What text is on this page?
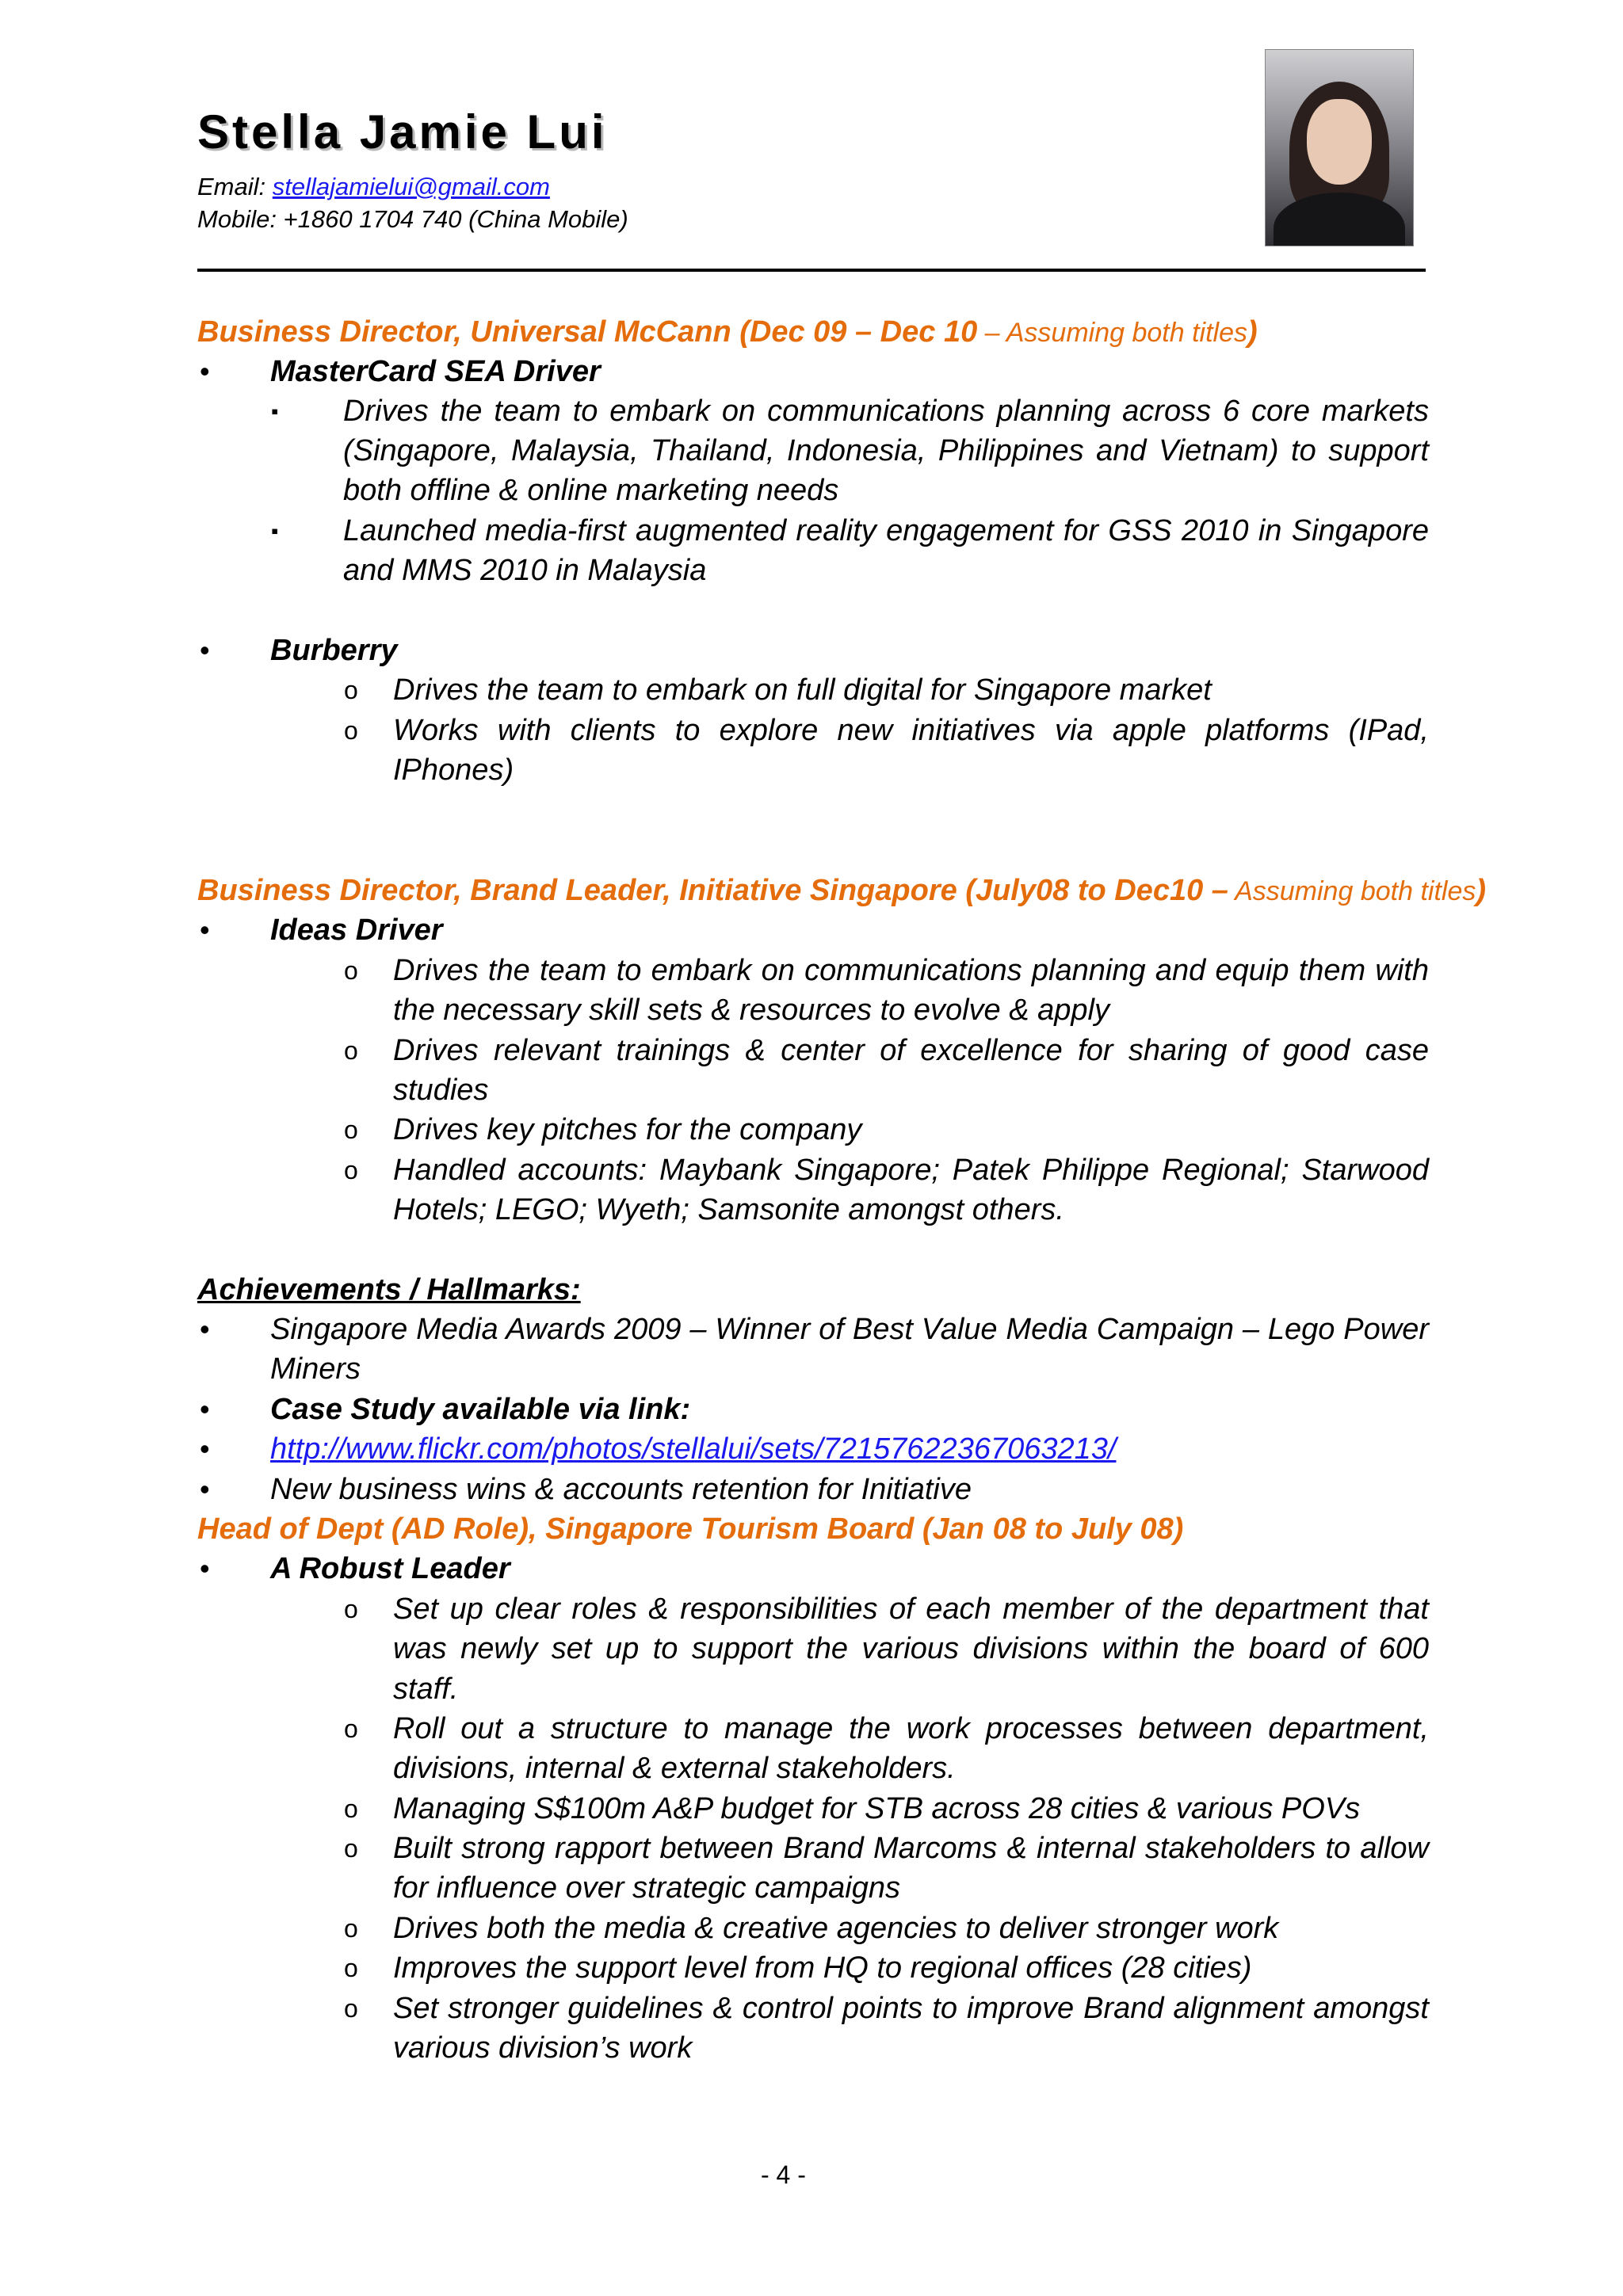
Stella Jamie Lui
Email: stellajamielui@gmail.com
Mobile: +1860 1704 740 (China Mobile)
Business Director, Universal McCann (Dec 09 – Dec 10 – Assuming both titles)
• MasterCard SEA Driver
▪ Drives the team to embark on communications planning across 6 core markets
(Singapore, Malaysia, Thailand, Indonesia, Philippines and Vietnam) to support
both offline & online marketing needs
▪ Launched media-first augmented reality engagement for GSS 2010 in Singapore
and MMS 2010 in Malaysia
• Burberry
o Drives the team to embark on full digital for Singapore market
o Works with clients to explore new initiatives via apple platforms (IPad,
IPhones)
Business Director, Brand Leader, Initiative Singapore (July08 to Dec10 – Assuming both titles)
• Ideas Driver
o Drives the team to embark on communications planning and equip them with
the necessary skill sets & resources to evolve & apply
o Drives relevant trainings & center of excellence for sharing of good case
studies
o Drives key pitches for the company
o Handled accounts: Maybank Singapore; Patek Philippe Regional; Starwood
Hotels; LEGO; Wyeth; Samsonite amongst others.
Achievements / Hallmarks:
• Singapore Media Awards 2009 – Winner of Best Value Media Campaign – Lego Power
Miners
• Case Study available via link:
• http://www.flickr.com/photos/stellalui/sets/72157622367063213/
• New business wins & accounts retention for Initiative
Head of Dept (AD Role), Singapore Tourism Board (Jan 08 to July 08)
• A Robust Leader
o Set up clear roles & responsibilities of each member of the department that
was newly set up to support the various divisions within the board of 600
staff.
o Roll out a structure to manage the work processes between department,
divisions, internal & external stakeholders.
o Managing S$100m A&P budget for STB across 28 cities & various POVs
o Built strong rapport between Brand Marcoms & internal stakeholders to allow
for influence over strategic campaigns
o Drives both the media & creative agencies to deliver stronger work
o Improves the support level from HQ to regional offices (28 cities)
o Set stronger guidelines & control points to improve Brand alignment amongst
various division’s work
- 4 -
